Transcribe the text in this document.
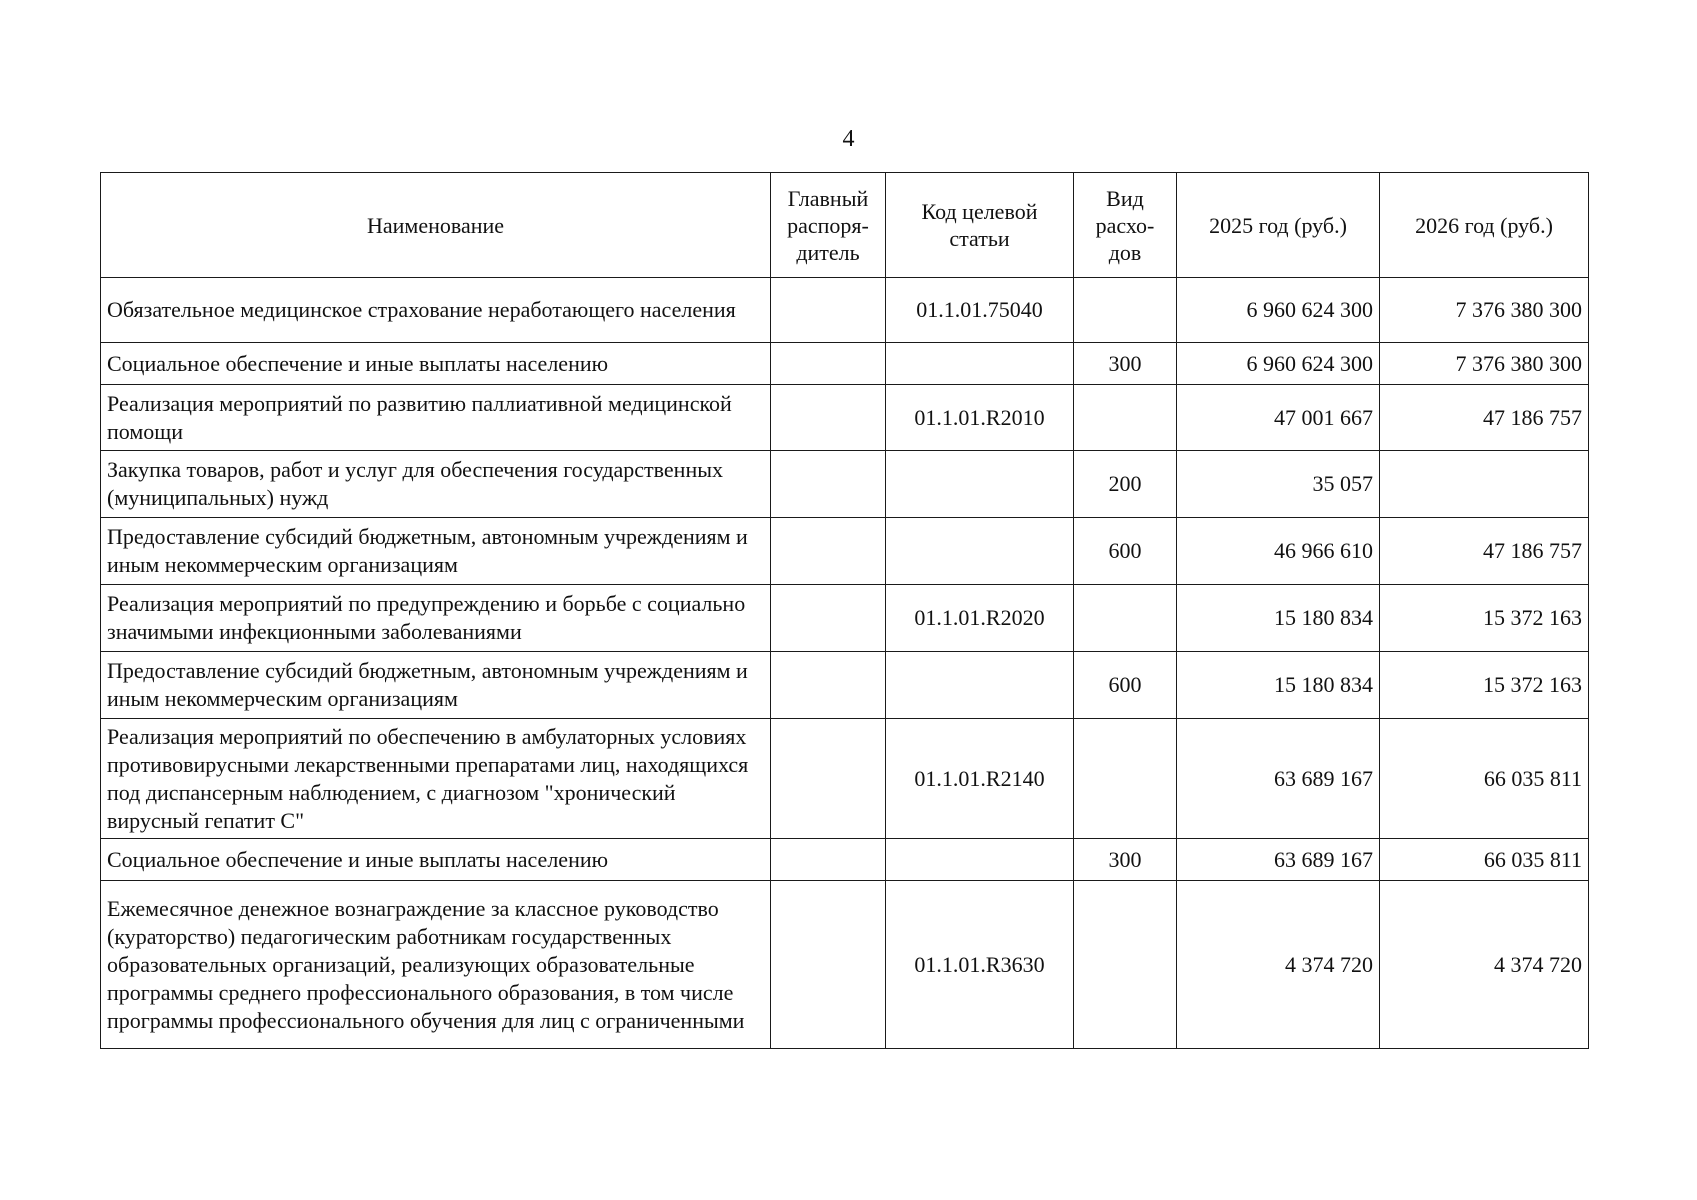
4
Наименование	Главный распоря-дитель	Код целевой статьи	Вид расхо-дов	2025 год (руб.)	2026 год (руб.)
Обязательное медицинское страхование неработающего населения		01.1.01.75040		6 960 624 300	7 376 380 300
Социальное обеспечение и иные выплаты населению			300	6 960 624 300	7 376 380 300
Реализация мероприятий по развитию паллиативной медицинской помощи		01.1.01.R2010		47 001 667	47 186 757
Закупка товаров, работ и услуг для обеспечения государственных (муниципальных) нужд			200	35 057	
Предоставление субсидий бюджетным, автономным учреждениям и иным некоммерческим организациям			600	46 966 610	47 186 757
Реализация мероприятий по предупреждению и борьбе с социально значимыми инфекционными заболеваниями		01.1.01.R2020		15 180 834	15 372 163
Предоставление субсидий бюджетным, автономным учреждениям и иным некоммерческим организациям			600	15 180 834	15 372 163
Реализация мероприятий по обеспечению в амбулаторных условиях противовирусными лекарственными препаратами лиц, находящихся под диспансерным наблюдением, с диагнозом "хронический вирусный гепатит С"		01.1.01.R2140		63 689 167	66 035 811
Социальное обеспечение и иные выплаты населению			300	63 689 167	66 035 811
Ежемесячное денежное вознаграждение за классное руководство (кураторство) педагогическим работникам государственных образовательных организаций, реализующих образовательные программы среднего профессионального образования, в том числе программы профессионального обучения для лиц с ограниченными		01.1.01.R3630		4 374 720	4 374 720
